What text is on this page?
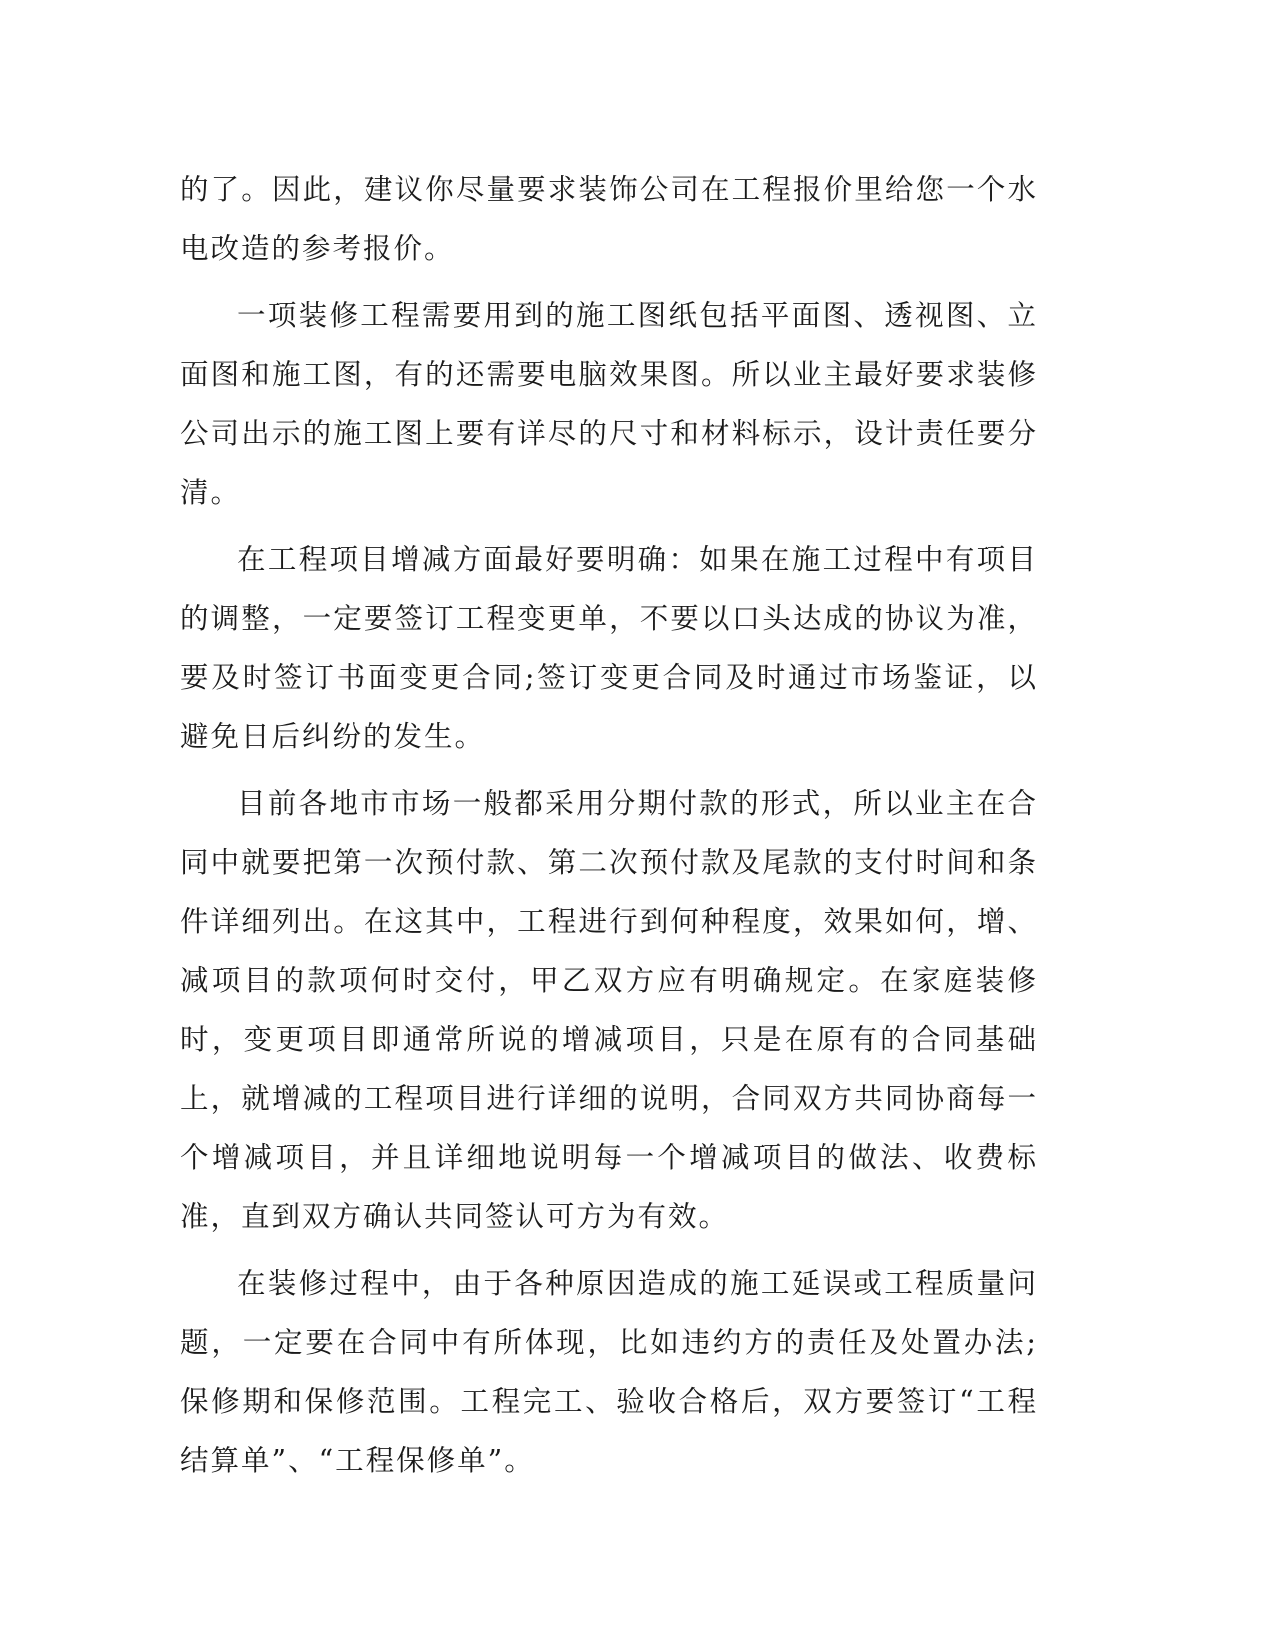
的了。因此，建议你尽量要求装饰公司在工程报价里给您一个水电改造的参考报价。

一项装修工程需要用到的施工图纸包括平面图、透视图、立面图和施工图，有的还需要电脑效果图。所以业主最好要求装修公司出示的施工图上要有详尽的尺寸和材料标示，设计责任要分清。

在工程项目增减方面最好要明确：如果在施工过程中有项目的调整，一定要签订工程变更单，不要以口头达成的协议为准，要及时签订书面变更合同;签订变更合同及时通过市场鉴证，以避免日后纠纷的发生。

目前各地市市场一般都采用分期付款的形式，所以业主在合同中就要把第一次预付款、第二次预付款及尾款的支付时间和条件详细列出。在这其中，工程进行到何种程度，效果如何，增、减项目的款项何时交付，甲乙双方应有明确规定。在家庭装修时，变更项目即通常所说的增减项目，只是在原有的合同基础上，就增减的工程项目进行详细的说明，合同双方共同协商每一个增减项目，并且详细地说明每一个增减项目的做法、收费标准，直到双方确认共同签认可方为有效。

在装修过程中，由于各种原因造成的施工延误或工程质量问题，一定要在合同中有所体现，比如违约方的责任及处置办法;保修期和保修范围。工程完工、验收合格后，双方要签订“工程结算单”、“工程保修单”。
